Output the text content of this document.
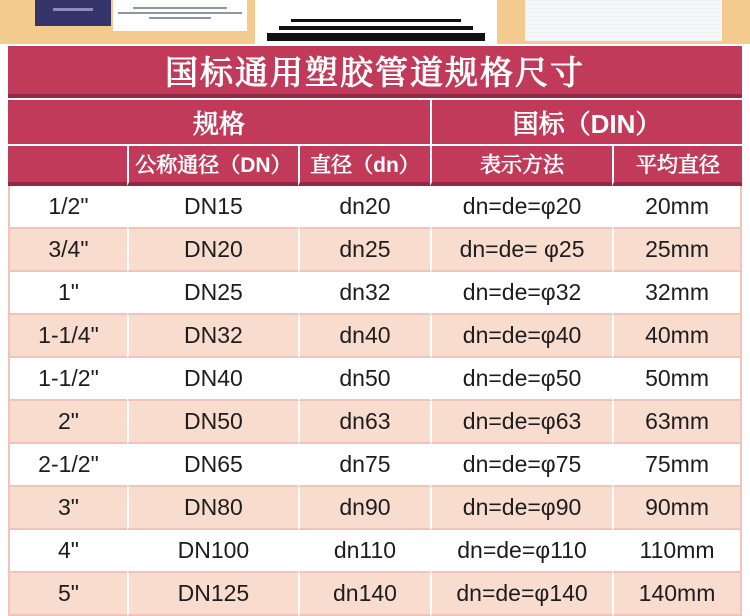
国标通用塑胶管道规格尺寸
规格			国标（DIN）	
	公称通径（DN）	直径（dn）	表示方法	平均直径
1/2"	DN15	dn20	dn=de=φ20	20mm
3/4"	DN20	dn25	dn=de= φ25	25mm
1"	DN25	dn32	dn=de=φ32	32mm
1-1/4"	DN32	dn40	dn=de=φ40	40mm
1-1/2"	DN40	dn50	dn=de=φ50	50mm
2"	DN50	dn63	dn=de=φ63	63mm
2-1/2"	DN65	dn75	dn=de=φ75	75mm
3"	DN80	dn90	dn=de=φ90	90mm
4"	DN100	dn110	dn=de=φ110	110mm
5"	DN125	dn140	dn=de=φ140	140mm
